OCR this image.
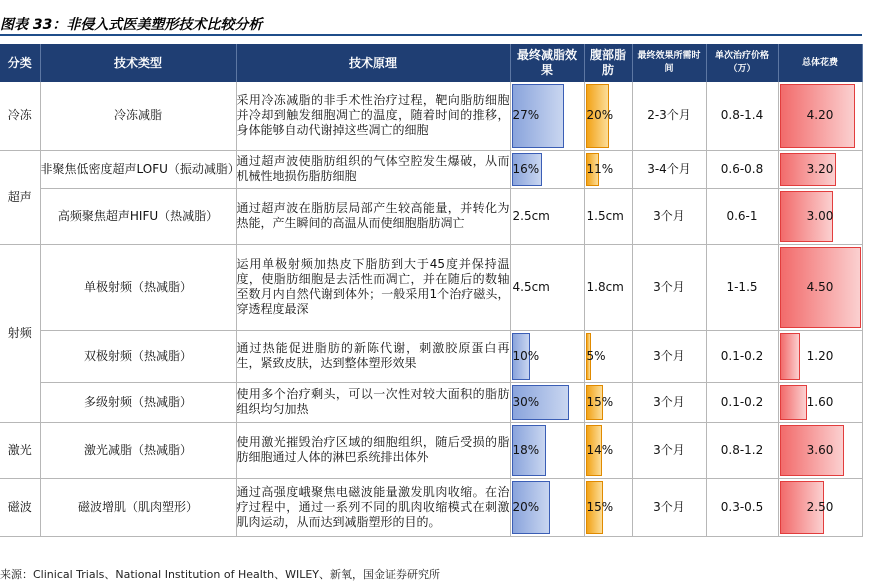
图表 33：非侵入式医美塑形技术比较分析
分类	技术类型	技术原理	最终减脂效果	腹部脂肪	最终效果所需时间	单次治疗价格（万）	总体花费
冷冻	冷冻减脂	采用冷冻减脂的非手术性治疗过程，靶向脂肪细胞并冷却到触发细胞凋亡的温度，随着时间的推移，身体能够自动代谢掉这些凋亡的细胞	27%	20%	2-3个月	0.8-1.4	4.20

超声	非聚焦低密度超声LOFU（振动减脂）	通过超声波使脂肪组织的气体空腔发生爆破，从而机械性地损伤脂肪细胞	16%	11%	3-4个月	0.6-0.8	3.20

	高频聚焦超声HIFU（热减脂）	通过超声波在脂肪层局部产生较高能量，并转化为热能，产生瞬间的高温从而使细胞脂肪凋亡	2.5cm	1.5cm	3个月	0.6-1	3.00

射频	单极射频（热减脂）	运用单极射频加热皮下脂肪到大于45度并保持温度，使脂肪细胞是去活性而凋亡，并在随后的数轴至数月内自然代谢到体外；一般采用1个治疗磁头，穿透程度最深	4.5cm	1.8cm	3个月	1-1.5	4.50

	双极射频（热减脂）	通过热能促进脂肪的新陈代谢，刺激胶原蛋白再生，紧致皮肤，达到整体塑形效果	10%	5%	3个月	0.1-0.2	1.20

	多级射频（热减脂）	使用多个治疗剩头，可以一次性对较大面积的脂肪组织均匀加热	30%	15%	3个月	0.1-0.2	1.60

激光	激光减脂（热减脂）	使用激光摧毁治疗区域的细胞组织，随后受损的脂肪细胞通过人体的淋巴系统排出体外	18%	14%	3个月	0.8-1.2	3.60

磁波	磁波增肌（肌肉塑形）	通过高强度峨聚焦电磁波能量激发肌肉收缩。在治疗过程中，通过一系列不同的肌肉收缩模式在刺激肌肉运动，从而达到减脂塑形的目的。	20%	15%	3个月	0.3-0.5	2.50
来源：Clinical Trials、National Institution of Health、WILEY、新氧，国金证券研究所
